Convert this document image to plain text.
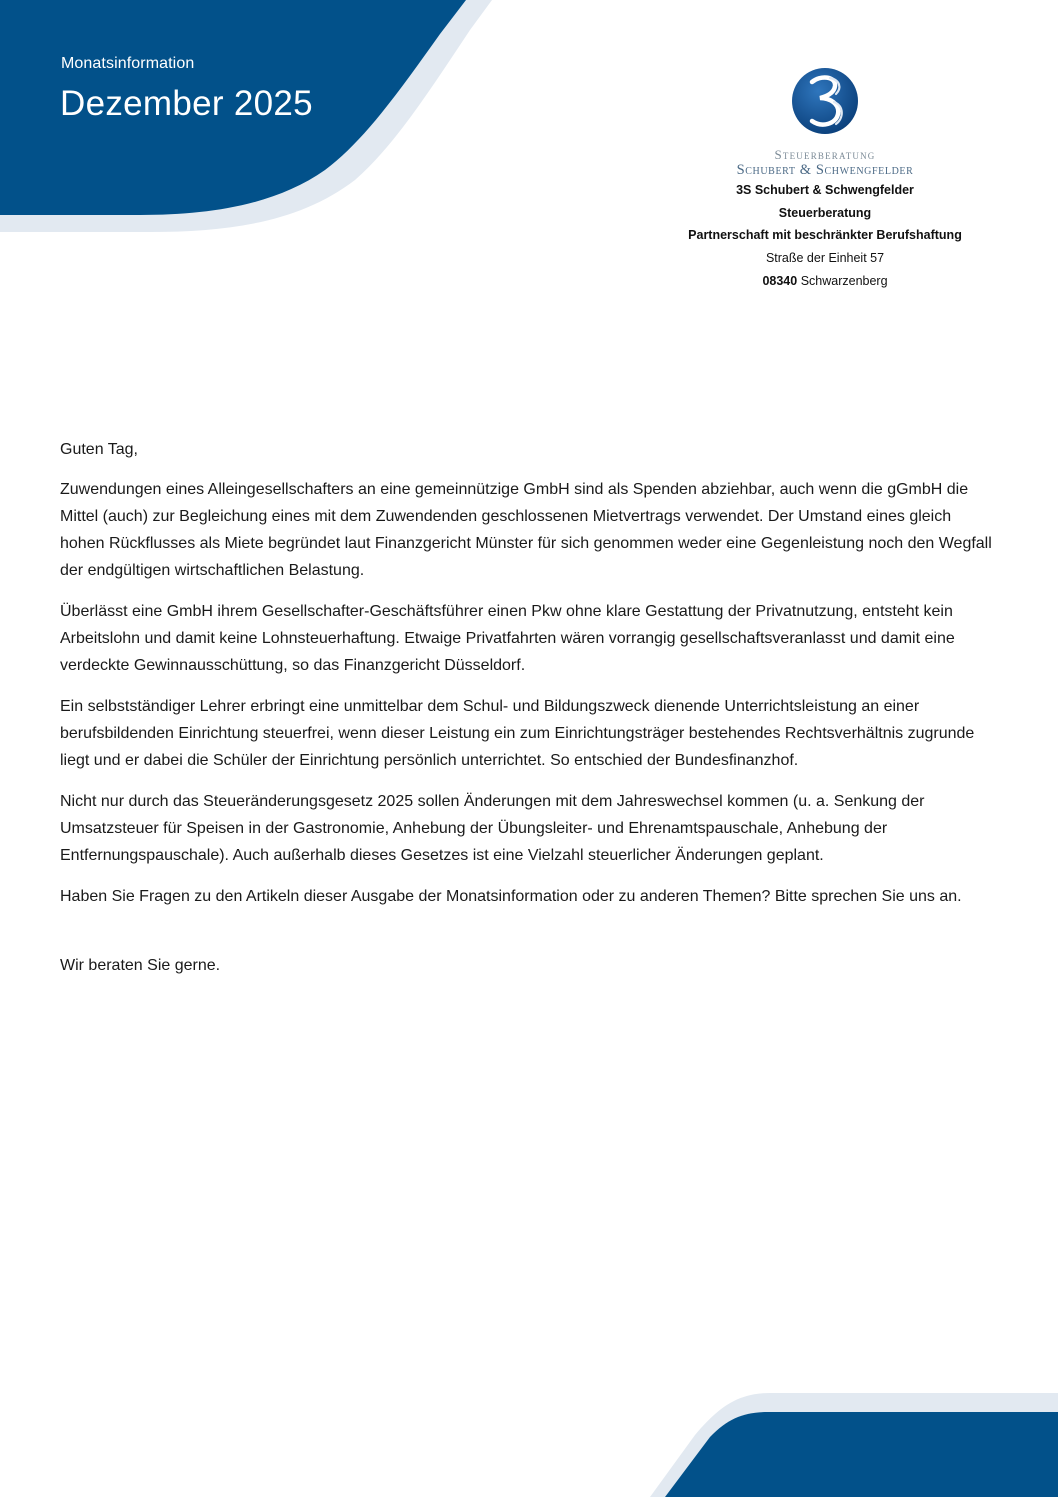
Monatsinformation
Dezember 2025
Steuerberatung
Schubert & Schwengfelder
3S Schubert & Schwengfelder
Steuerberatung
Partnerschaft mit beschränkter Berufshaftung
Straße der Einheit 57
08340 Schwarzenberg

Guten Tag,

Zuwendungen eines Alleingesellschafters an eine gemeinnützige GmbH sind als Spenden abziehbar, auch wenn die gGmbH die Mittel (auch) zur Begleichung eines mit dem Zuwendenden geschlossenen Mietvertrags verwendet. Der Umstand eines gleich hohen Rückflusses als Miete begründet laut Finanzgericht Münster für sich genommen weder eine Gegenleistung noch den Wegfall der endgültigen wirtschaftlichen Belastung.

Überlässt eine GmbH ihrem Gesellschafter-Geschäftsführer einen Pkw ohne klare Gestattung der Privatnutzung, entsteht kein Arbeitslohn und damit keine Lohnsteuerhaftung. Etwaige Privatfahrten wären vorrangig gesellschaftsveranlasst und damit eine verdeckte Gewinnausschüttung, so das Finanzgericht Düsseldorf.

Ein selbstständiger Lehrer erbringt eine unmittelbar dem Schul- und Bildungszweck dienende Unterrichtsleistung an einer berufsbildenden Einrichtung steuerfrei, wenn dieser Leistung ein zum Einrichtungsträger bestehendes Rechtsverhältnis zugrunde liegt und er dabei die Schüler der Einrichtung persönlich unterrichtet. So entschied der Bundesfinanzhof.

Nicht nur durch das Steueränderungsgesetz 2025 sollen Änderungen mit dem Jahreswechsel kommen (u. a. Senkung der Umsatzsteuer für Speisen in der Gastronomie, Anhebung der Übungsleiter- und Ehrenamtspauschale, Anhebung der Entfernungspauschale). Auch außerhalb dieses Gesetzes ist eine Vielzahl steuerlicher Änderungen geplant.

Haben Sie Fragen zu den Artikeln dieser Ausgabe der Monatsinformation oder zu anderen Themen? Bitte sprechen Sie uns an.

Wir beraten Sie gerne.
